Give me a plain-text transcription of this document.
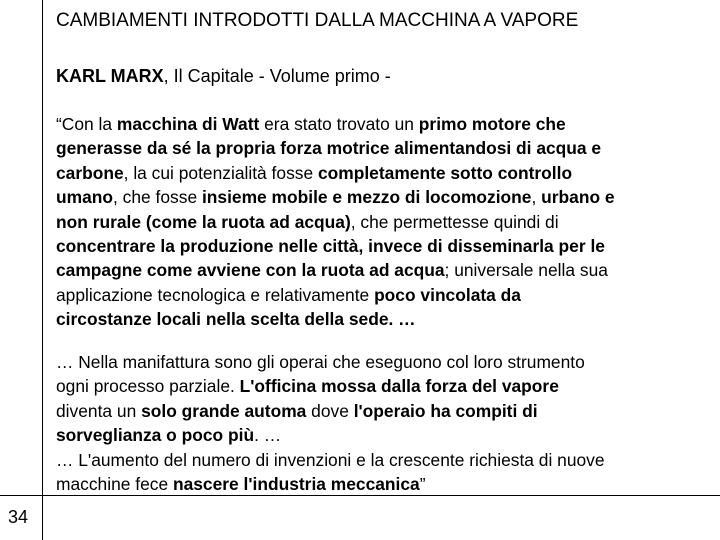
CAMBIAMENTI INTRODOTTI DALLA MACCHINA A VAPORE
KARL MARX, Il Capitale - Volume primo -
“Con la macchina di Watt era stato trovato un primo motore che
generasse da sé la propria forza motrice alimentandosi di acqua e
carbone, la cui potenzialità fosse completamente sotto controllo
umano, che fosse insieme mobile e mezzo di locomozione, urbano e
non rurale (come la ruota ad acqua), che permettesse quindi di
concentrare la produzione nelle città, invece di disseminarla per le
campagne come avviene con la ruota ad acqua; universale nella sua
applicazione tecnologica e relativamente poco vincolata da
circostanze locali nella scelta della sede. …
… Nella manifattura sono gli operai che eseguono col loro strumento
ogni processo parziale. L'officina mossa dalla forza del vapore
diventa un solo grande automa dove l'operaio ha compiti di
sorveglianza o poco più. …
… L'aumento del numero di invenzioni e la crescente richiesta di nuove
macchine fece nascere l'industria meccanica”
34
